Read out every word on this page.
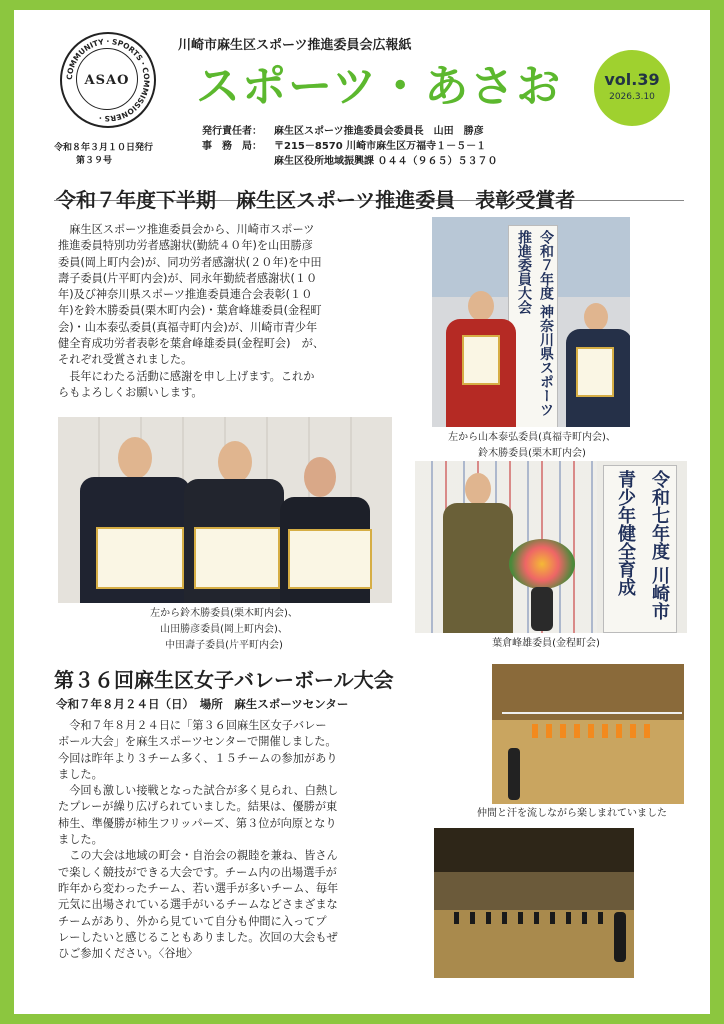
COMMUNITY・SPORTS・COMMISSIONERS・
ASAO
川崎市麻生区スポーツ推進委員会広報紙
スポーツ・あさお	vol.39
2026.3.10
令和８年３月１０日発行
第３９号
発行責任者： 麻生区スポーツ推進委員会委員長　山田　勝彦
事　務　局： 〒215－8570 川崎市麻生区万福寺１－５－１
麻生区役所地域振興課 ０４４（９６５）５３７０
令和７年度下半期　麻生区スポーツ推進委員　表彰受賞者
　麻生区スポーツ推進委員会から、川崎市スポーツ
推進委員特別功労者感謝状(勤続４０年)を山田勝彦
委員(岡上町内会)が、同功労者感謝状(２０年)を中田
壽子委員(片平町内会)が、同永年勤続者感謝状(１０
年)及び神奈川県スポーツ推進委員連合会表彰(１０
年)を鈴木勝委員(栗木町内会)・葉倉峰雄委員(金程町
会)・山本泰弘委員(真福寺町内会)が、川崎市青少年
健全育成功労者表彰を葉倉峰雄委員(金程町会)　が、
それぞれ受賞されました。
　長年にわたる活動に感謝を申し上げます。これか
らもよろしくお願いします。	令和７年度 神奈川県スポーツ推進委員大会

左から山本泰弘委員(真福寺町内会)、

鈴木勝委員(栗木町内会)

左から鈴木勝委員(栗木町内会)、

山田勝彦委員(岡上町内会)、

中田壽子委員(片平町内会)

令和七年度 川崎市青少年健全育成
葉倉峰雄委員(金程町会)
第３６回麻生区女子バレーボール大会
令和７年８月２４日（日）　場所　麻生スポーツセンター
　令和７年８月２４日に「第３６回麻生区女子バレー
ボール大会」を麻生スポーツセンターで開催しました。
今回は昨年より３チーム多く、１５チームの参加があり
ました。
　今回も激しい接戦となった試合が多く見られ、白熱し
たプレーが繰り広げられていました。結果は、優勝が東
柿生、準優勝が柿生フリッパーズ、第３位が向原となり
ました。
　この大会は地域の町会・自治会の親睦を兼ね、皆さん
で楽しく競技ができる大会です。チーム内の出場選手が
昨年から変わったチーム、若い選手が多いチーム、毎年
元気に出場されている選手がいるチームなどさまざまな
チームがあり、外から見ていて自分も仲間に入ってプ
レーしたいと感じることもありました。次回の大会もぜ
ひご参加ください。〈谷地〉
仲間と汗を流しながら楽しまれていました
